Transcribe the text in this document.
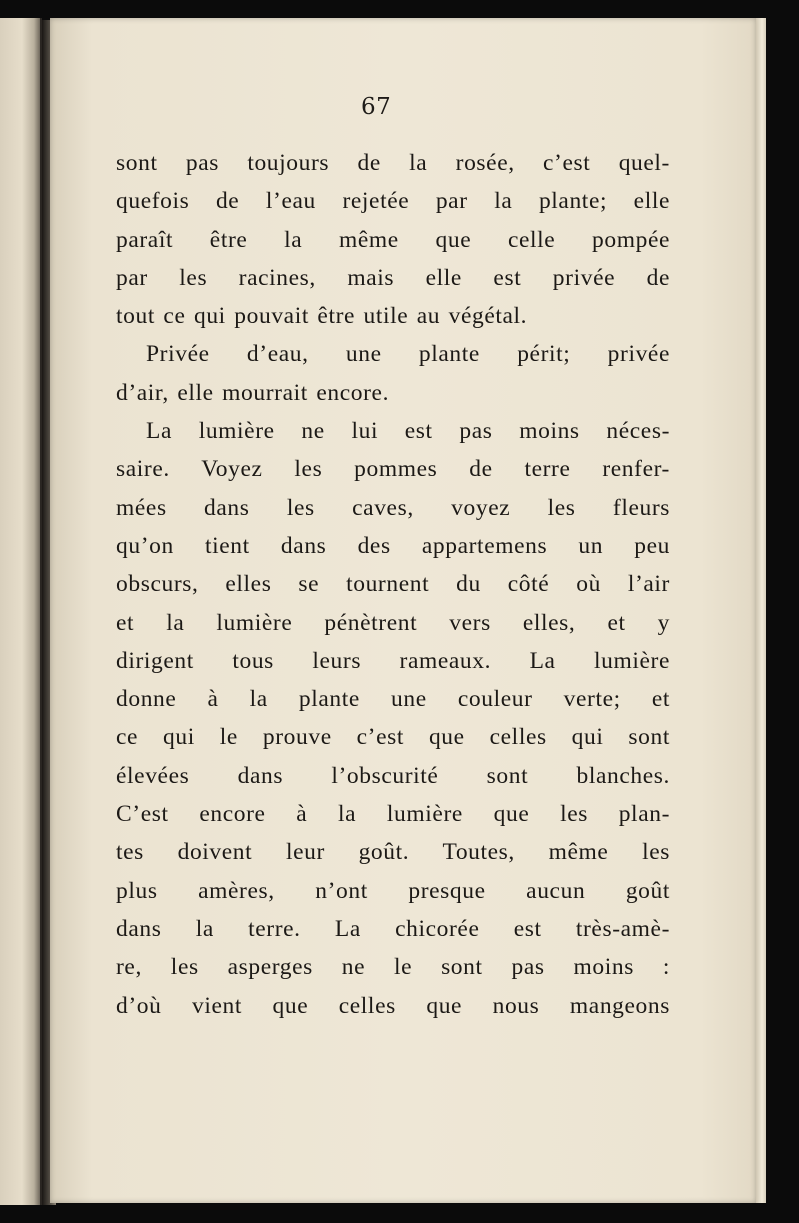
67
sont pas toujours de la rosée, c’est quel-
quefois de l’eau rejetée par la plante; elle
paraît être la même que celle pompée
par les racines, mais elle est privée de
tout ce qui pouvait être utile au végétal.
Privée d’eau, une plante périt; privée
d’air, elle mourrait encore.
La lumière ne lui est pas moins néces-
saire. Voyez les pommes de terre renfer-
mées dans les caves, voyez les fleurs
qu’on tient dans des appartemens un peu
obscurs, elles se tournent du côté où l’air
et la lumière pénètrent vers elles, et y
dirigent tous leurs rameaux. La lumière
donne à la plante une couleur verte; et
ce qui le prouve c’est que celles qui sont
élevées dans l’obscurité sont blanches.
C’est encore à la lumière que les plan-
tes doivent leur goût. Toutes, même les
plus amères, n’ont presque aucun goût
dans la terre. La chicorée est très-amè-
re, les asperges ne le sont pas moins :
d’où vient que celles que nous mangeons
